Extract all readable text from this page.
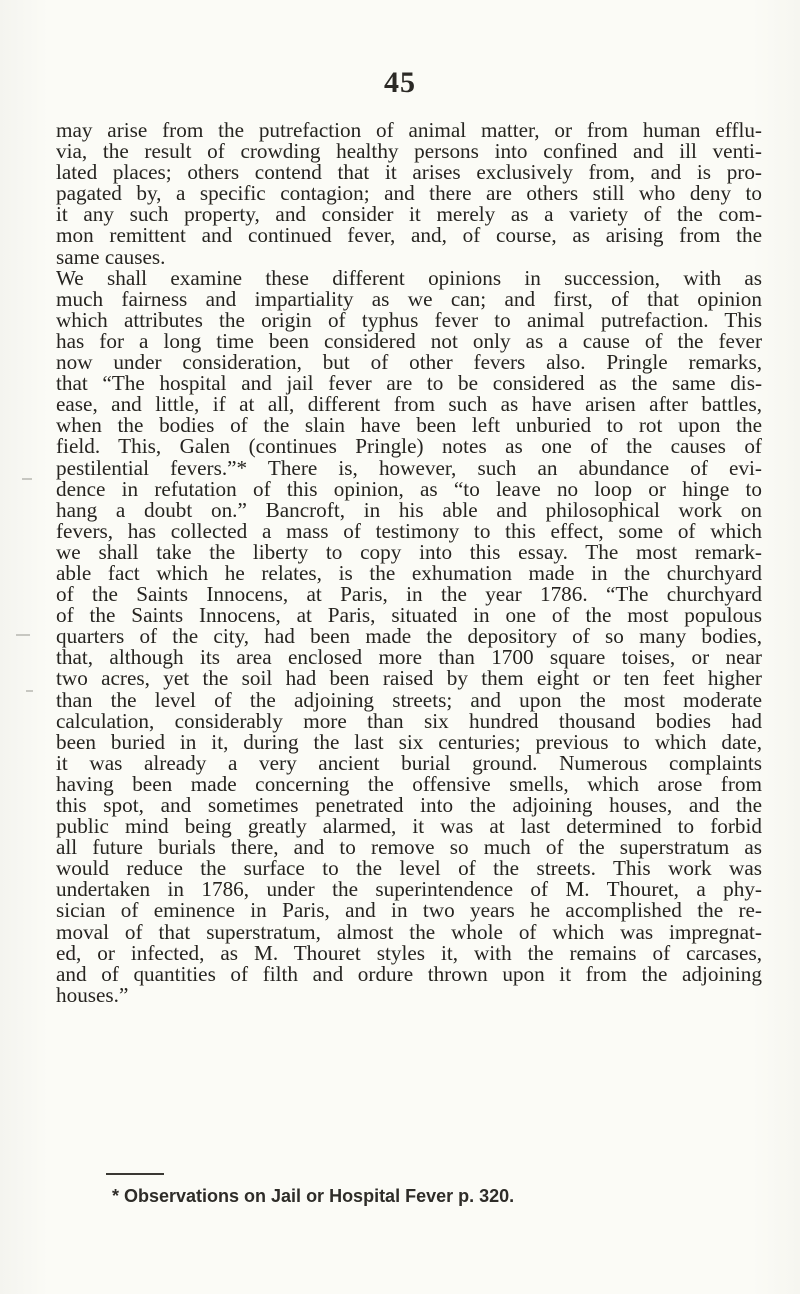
45
may arise from the putrefaction of animal matter, or from human efflu-
via, the result of crowding healthy persons into confined and ill venti-
lated places; others contend that it arises exclusively from, and is pro-
pagated by, a specific contagion; and there are others still who deny to
it any such property, and consider it merely as a variety of the com-
mon remittent and continued fever, and, of course, as arising from the
same causes.
We shall examine these different opinions in succession, with as
much fairness and impartiality as we can; and first, of that opinion
which attributes the origin of typhus fever to animal putrefaction. This
has for a long time been considered not only as a cause of the fever
now under consideration, but of other fevers also. Pringle remarks,
that “The hospital and jail fever are to be considered as the same dis-
ease, and little, if at all, different from such as have arisen after battles,
when the bodies of the slain have been left unburied to rot upon the
field. This, Galen (continues Pringle) notes as one of the causes of
pestilential fevers.”* There is, however, such an abundance of evi-
dence in refutation of this opinion, as “to leave no loop or hinge to
hang a doubt on.” Bancroft, in his able and philosophical work on
fevers, has collected a mass of testimony to this effect, some of which
we shall take the liberty to copy into this essay. The most remark-
able fact which he relates, is the exhumation made in the churchyard
of the Saints Innocens, at Paris, in the year 1786. “The churchyard
of the Saints Innocens, at Paris, situated in one of the most populous
quarters of the city, had been made the depository of so many bodies,
that, although its area enclosed more than 1700 square toises, or near
two acres, yet the soil had been raised by them eight or ten feet higher
than the level of the adjoining streets; and upon the most moderate
calculation, considerably more than six hundred thousand bodies had
been buried in it, during the last six centuries; previous to which date,
it was already a very ancient burial ground. Numerous complaints
having been made concerning the offensive smells, which arose from
this spot, and sometimes penetrated into the adjoining houses, and the
public mind being greatly alarmed, it was at last determined to forbid
all future burials there, and to remove so much of the superstratum as
would reduce the surface to the level of the streets. This work was
undertaken in 1786, under the superintendence of M. Thouret, a phy-
sician of eminence in Paris, and in two years he accomplished the re-
moval of that superstratum, almost the whole of which was impregnat-
ed, or infected, as M. Thouret styles it, with the remains of carcases,
and of quantities of filth and ordure thrown upon it from the adjoining
houses.”
* Observations on Jail or Hospital Fever p. 320.
